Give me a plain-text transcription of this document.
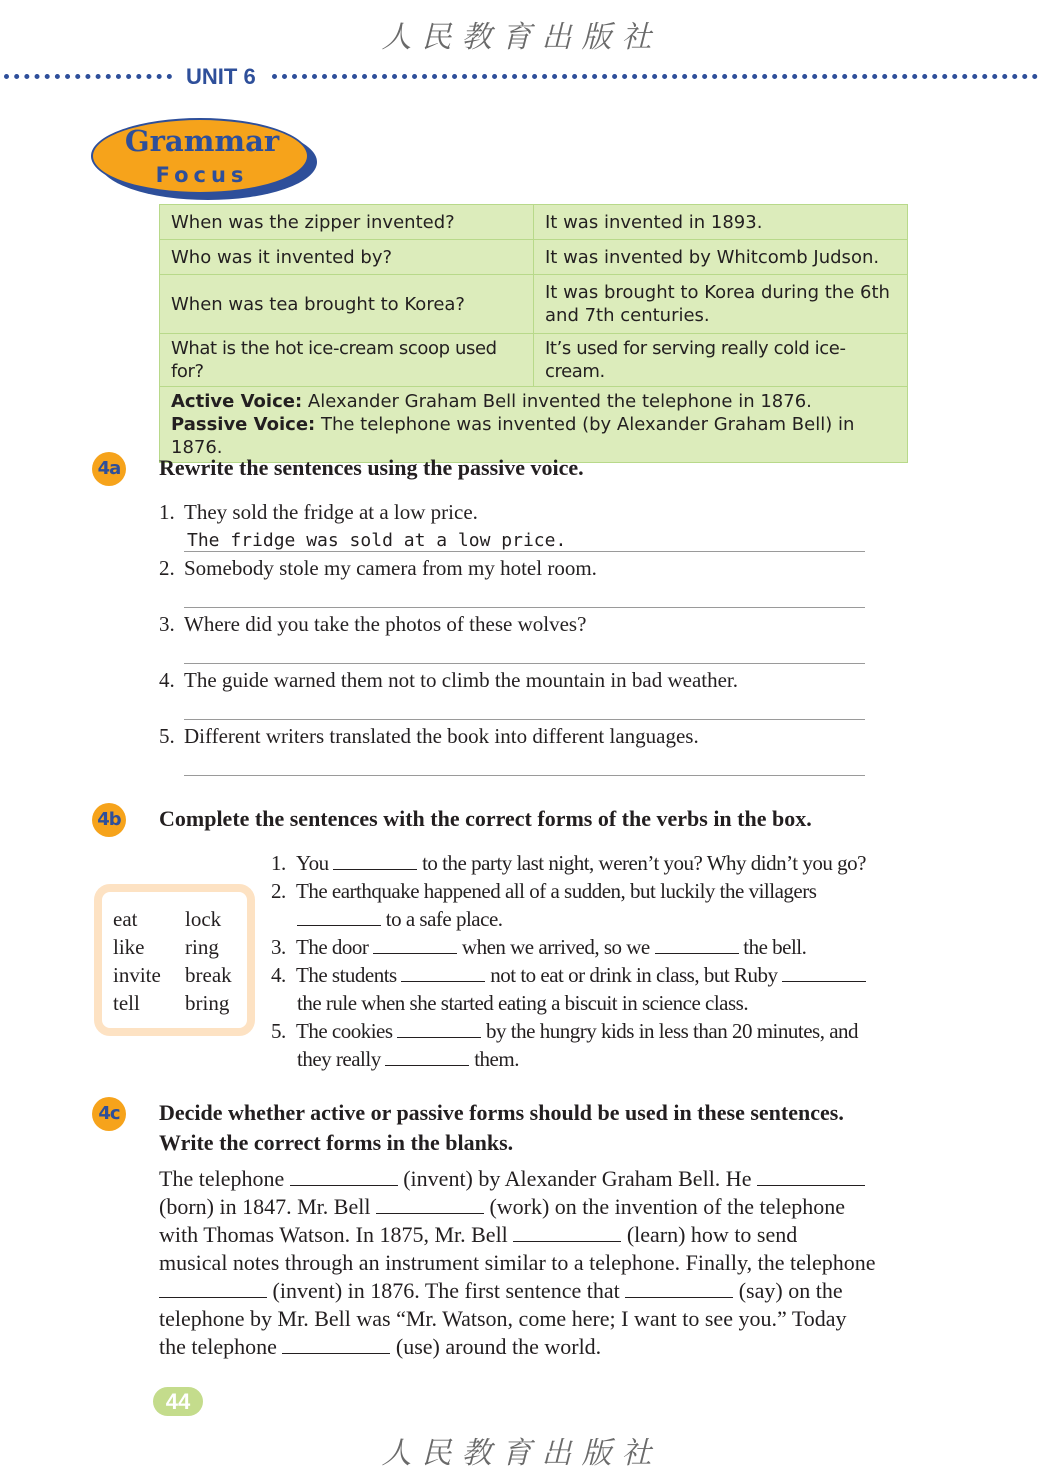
人民教育出版社
UNIT 6
Grammar
Focus
When was the zipper invented?	It was invented in 1893.
Who was it invented by?	It was invented by Whitcomb Judson.
When was tea brought to Korea?	It was brought to Korea during the 6th and 7th centuries.
What is the hot ice-cream scoop used for?	It’s used for serving really cold ice-cream.

Active Voice: Alexander Graham Bell invented the telephone in 1876.
Passive Voice: The telephone was invented (by Alexander Graham Bell) in 1876.	
4a Rewrite the sentences using the passive voice.
1. They sold the fridge at a low price.
The fridge was sold at a low price.
2. Somebody stole my camera from my hotel room.
3. Where did you take the photos of these wolves?
4. The guide warned them not to climb the mountain in bad weather.
5. Different writers translated the book into different languages.
4b Complete the sentences with the correct forms of the verbs in the box.
eat	lock
like	ring
invite	break
tell	bring
1. You	to the party last night, weren’t you? Why didn’t you go?
2. The earthquake happened all of a sudden, but luckily the villagers
to a safe place.
3. The door	when we arrived, so we	the bell.
4. The students	not to eat or drink in class, but Ruby
the rule when she started eating a biscuit in science class.
5. The cookies	by the hungry kids in less than 20 minutes, and
they really	them.
4c Decide whether active or passive forms should be used in these sentences.
Write the correct forms in the blanks.
The telephone	(invent) by Alexander Graham Bell. He
(born) in 1847. Mr. Bell	(work) on the invention of the telephone
with Thomas Watson. In 1875, Mr. Bell	(learn) how to send
musical notes through an instrument similar to a telephone. Finally, the telephone
(invent) in 1876. The first sentence that	(say) on the
telephone by Mr. Bell was “Mr. Watson, come here; I want to see you.” Today
the telephone	(use) around the world.
44
人民教育出版社
